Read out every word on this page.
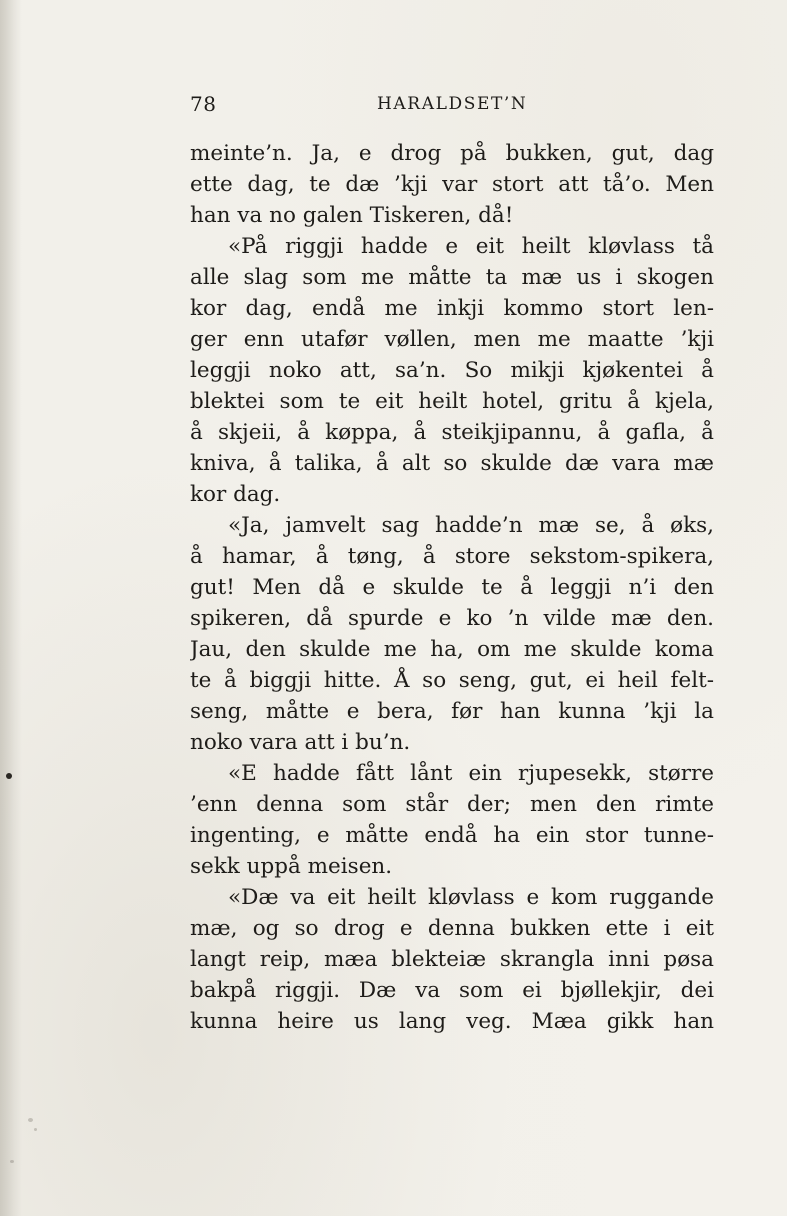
78	HARALDSET’N
meinte’n. Ja, e drog på bukken, gut, dag
ette dag, te dæ ’kji var stort att tå’o. Men
han va no galen Tiskeren, då!
«På riggji hadde e eit heilt kløvlass tå
alle slag som me måtte ta mæ us i skogen
kor dag, endå me inkji kommo stort len-
ger enn utafør vøllen, men me maatte ’kji
leggji noko att, sa’n. So mikji kjøkentei å
blektei som te eit heilt hotel, gritu å kjela,
å skjeii, å køppa, å steikjipannu, å gafla, å
kniva, å talika, å alt so skulde dæ vara mæ
kor dag.
«Ja, jamvelt sag hadde’n mæ se, å øks,
å hamar, å tøng, å store sekstom-spikera,
gut! Men då e skulde te å leggji n’i den
spikeren, då spurde e ko ’n vilde mæ den.
Jau, den skulde me ha, om me skulde koma
te å biggji hitte. Å so seng, gut, ei heil felt-
seng, måtte e bera, før han kunna ’kji la
noko vara att i bu’n.
«E hadde fått lånt ein rjupesekk, større
’enn denna som står der; men den rimte
ingenting, e måtte endå ha ein stor tunne-
sekk uppå meisen.
«Dæ va eit heilt kløvlass e kom ruggande
mæ, og so drog e denna bukken ette i eit
langt reip, mæa blekteiæ skrangla inni pøsa
bakpå riggji. Dæ va som ei bjøllekjir, dei
kunna heire us lang veg. Mæa gikk han
